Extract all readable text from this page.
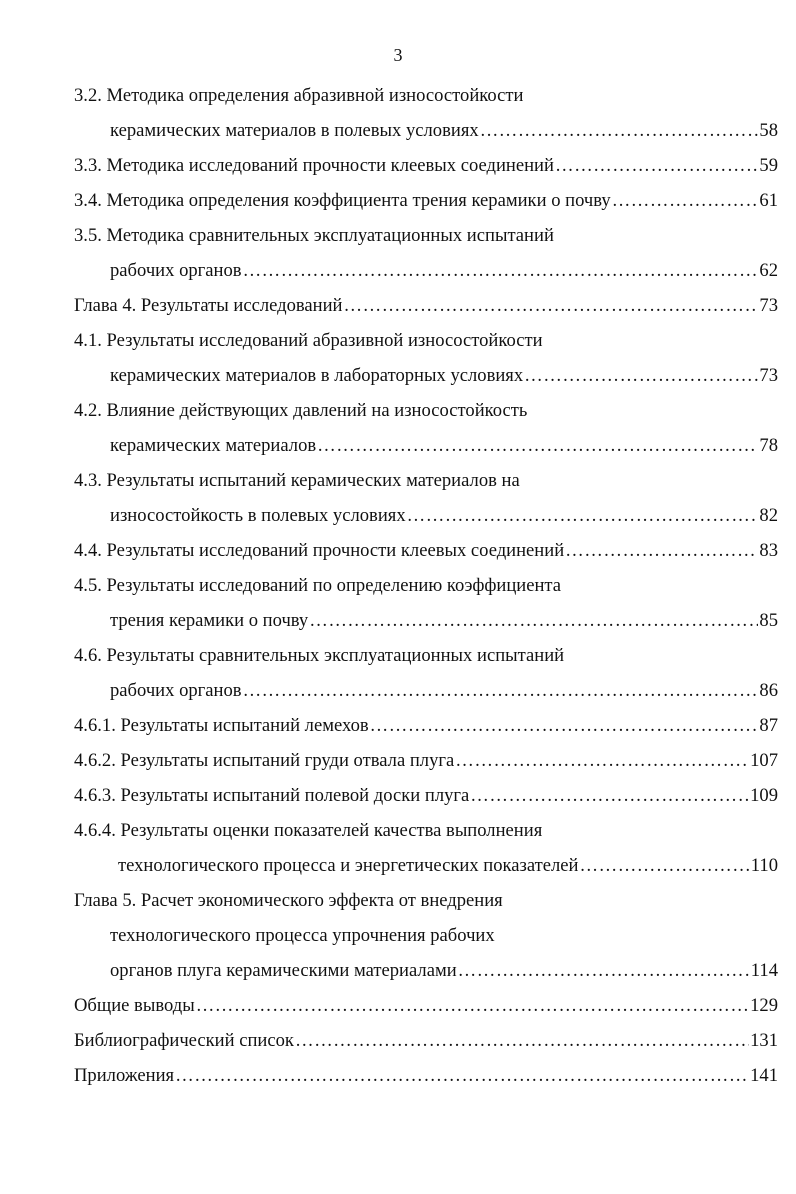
3
3.2. Методика определения абразивной износостойкости
керамических материалов в полевых условиях …………………………………………………………………………………………………………………………………………………………	58
3.3. Методика исследований прочности клеевых соединений …………………………………………………………………………………………………………………………………………………………	59
3.4. Методика определения коэффициента трения керамики о почву …………………………………………………………………………………………………………………………………………………………	61
3.5. Методика сравнительных эксплуатационных испытаний
рабочих органов …………………………………………………………………………………………………………………………………………………………	62
Глава 4. Результаты исследований …………………………………………………………………………………………………………………………………………………………	73
4.1. Результаты исследований абразивной износостойкости
керамических материалов в лабораторных условиях …………………………………………………………………………………………………………………………………………………………	73
4.2. Влияние действующих давлений на износостойкость
керамических материалов …………………………………………………………………………………………………………………………………………………………	78
4.3. Результаты испытаний керамических материалов на
износостойкость в полевых условиях …………………………………………………………………………………………………………………………………………………………	82
4.4. Результаты исследований прочности клеевых соединений …………………………………………………………………………………………………………………………………………………………	83
4.5. Результаты исследований по определению коэффициента
трения керамики о почву …………………………………………………………………………………………………………………………………………………………	85
4.6. Результаты сравнительных эксплуатационных испытаний
рабочих органов …………………………………………………………………………………………………………………………………………………………	86
4.6.1. Результаты испытаний лемехов …………………………………………………………………………………………………………………………………………………………	87
4.6.2. Результаты испытаний груди отвала плуга …………………………………………………………………………………………………………………………………………………………	107
4.6.3. Результаты испытаний полевой доски плуга …………………………………………………………………………………………………………………………………………………………	109
4.6.4. Результаты оценки показателей качества выполнения
технологического процесса и энергетических показателей …………………………………………………………………………………………………………………………………………………………	110
Глава 5. Расчет экономического эффекта от внедрения
технологического процесса упрочнения рабочих
органов плуга керамическими материалами …………………………………………………………………………………………………………………………………………………………	114
Общие выводы …………………………………………………………………………………………………………………………………………………………	129
Библиографический список …………………………………………………………………………………………………………………………………………………………	131
Приложения …………………………………………………………………………………………………………………………………………………………	141
